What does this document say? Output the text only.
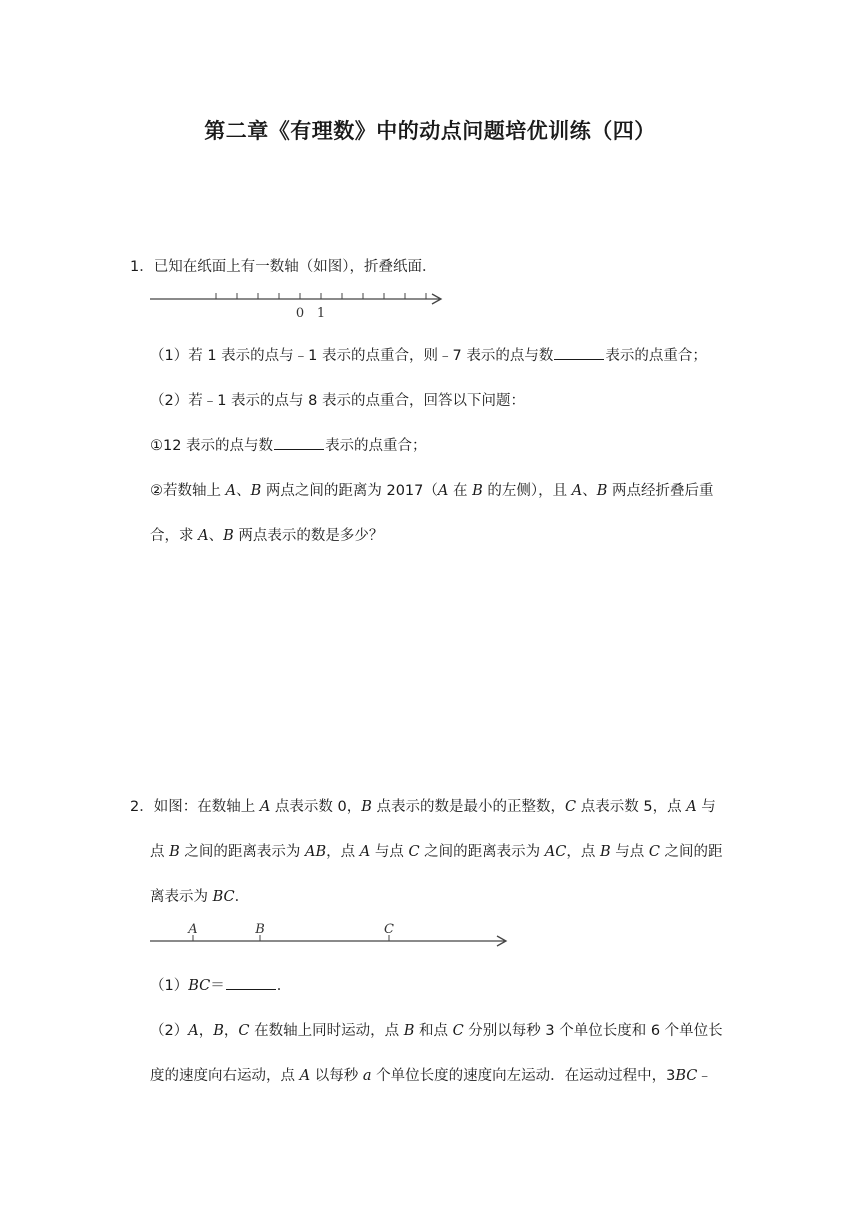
第二章《有理数》中的动点问题培优训练（四）
1．已知在纸面上有一数轴（如图），折叠纸面．
0 1
（1）若 1 表示的点与﹣1 表示的点重合，则﹣7 表示的点与数	表示的点重合；
（2）若﹣1 表示的点与 8 表示的点重合，回答以下问题：
①12 表示的点与数	表示的点重合；
②若数轴上 A、B 两点之间的距离为 2017（A 在 B 的左侧），且 A、B 两点经折叠后重
合，求 A、B 两点表示的数是多少？
2．如图：在数轴上 A 点表示数 0，B 点表示的数是最小的正整数，C 点表示数 5，点 A 与
点 B 之间的距离表示为 AB，点 A 与点 C 之间的距离表示为 AC，点 B 与点 C 之间的距
离表示为 BC．
A	B	C
（1）BC＝	．
（2）A，B，C 在数轴上同时运动，点 B 和点 C 分别以每秒 3 个单位长度和 6 个单位长
度的速度向右运动，点 A 以每秒 a 个单位长度的速度向左运动．在运动过程中，3BC﹣
